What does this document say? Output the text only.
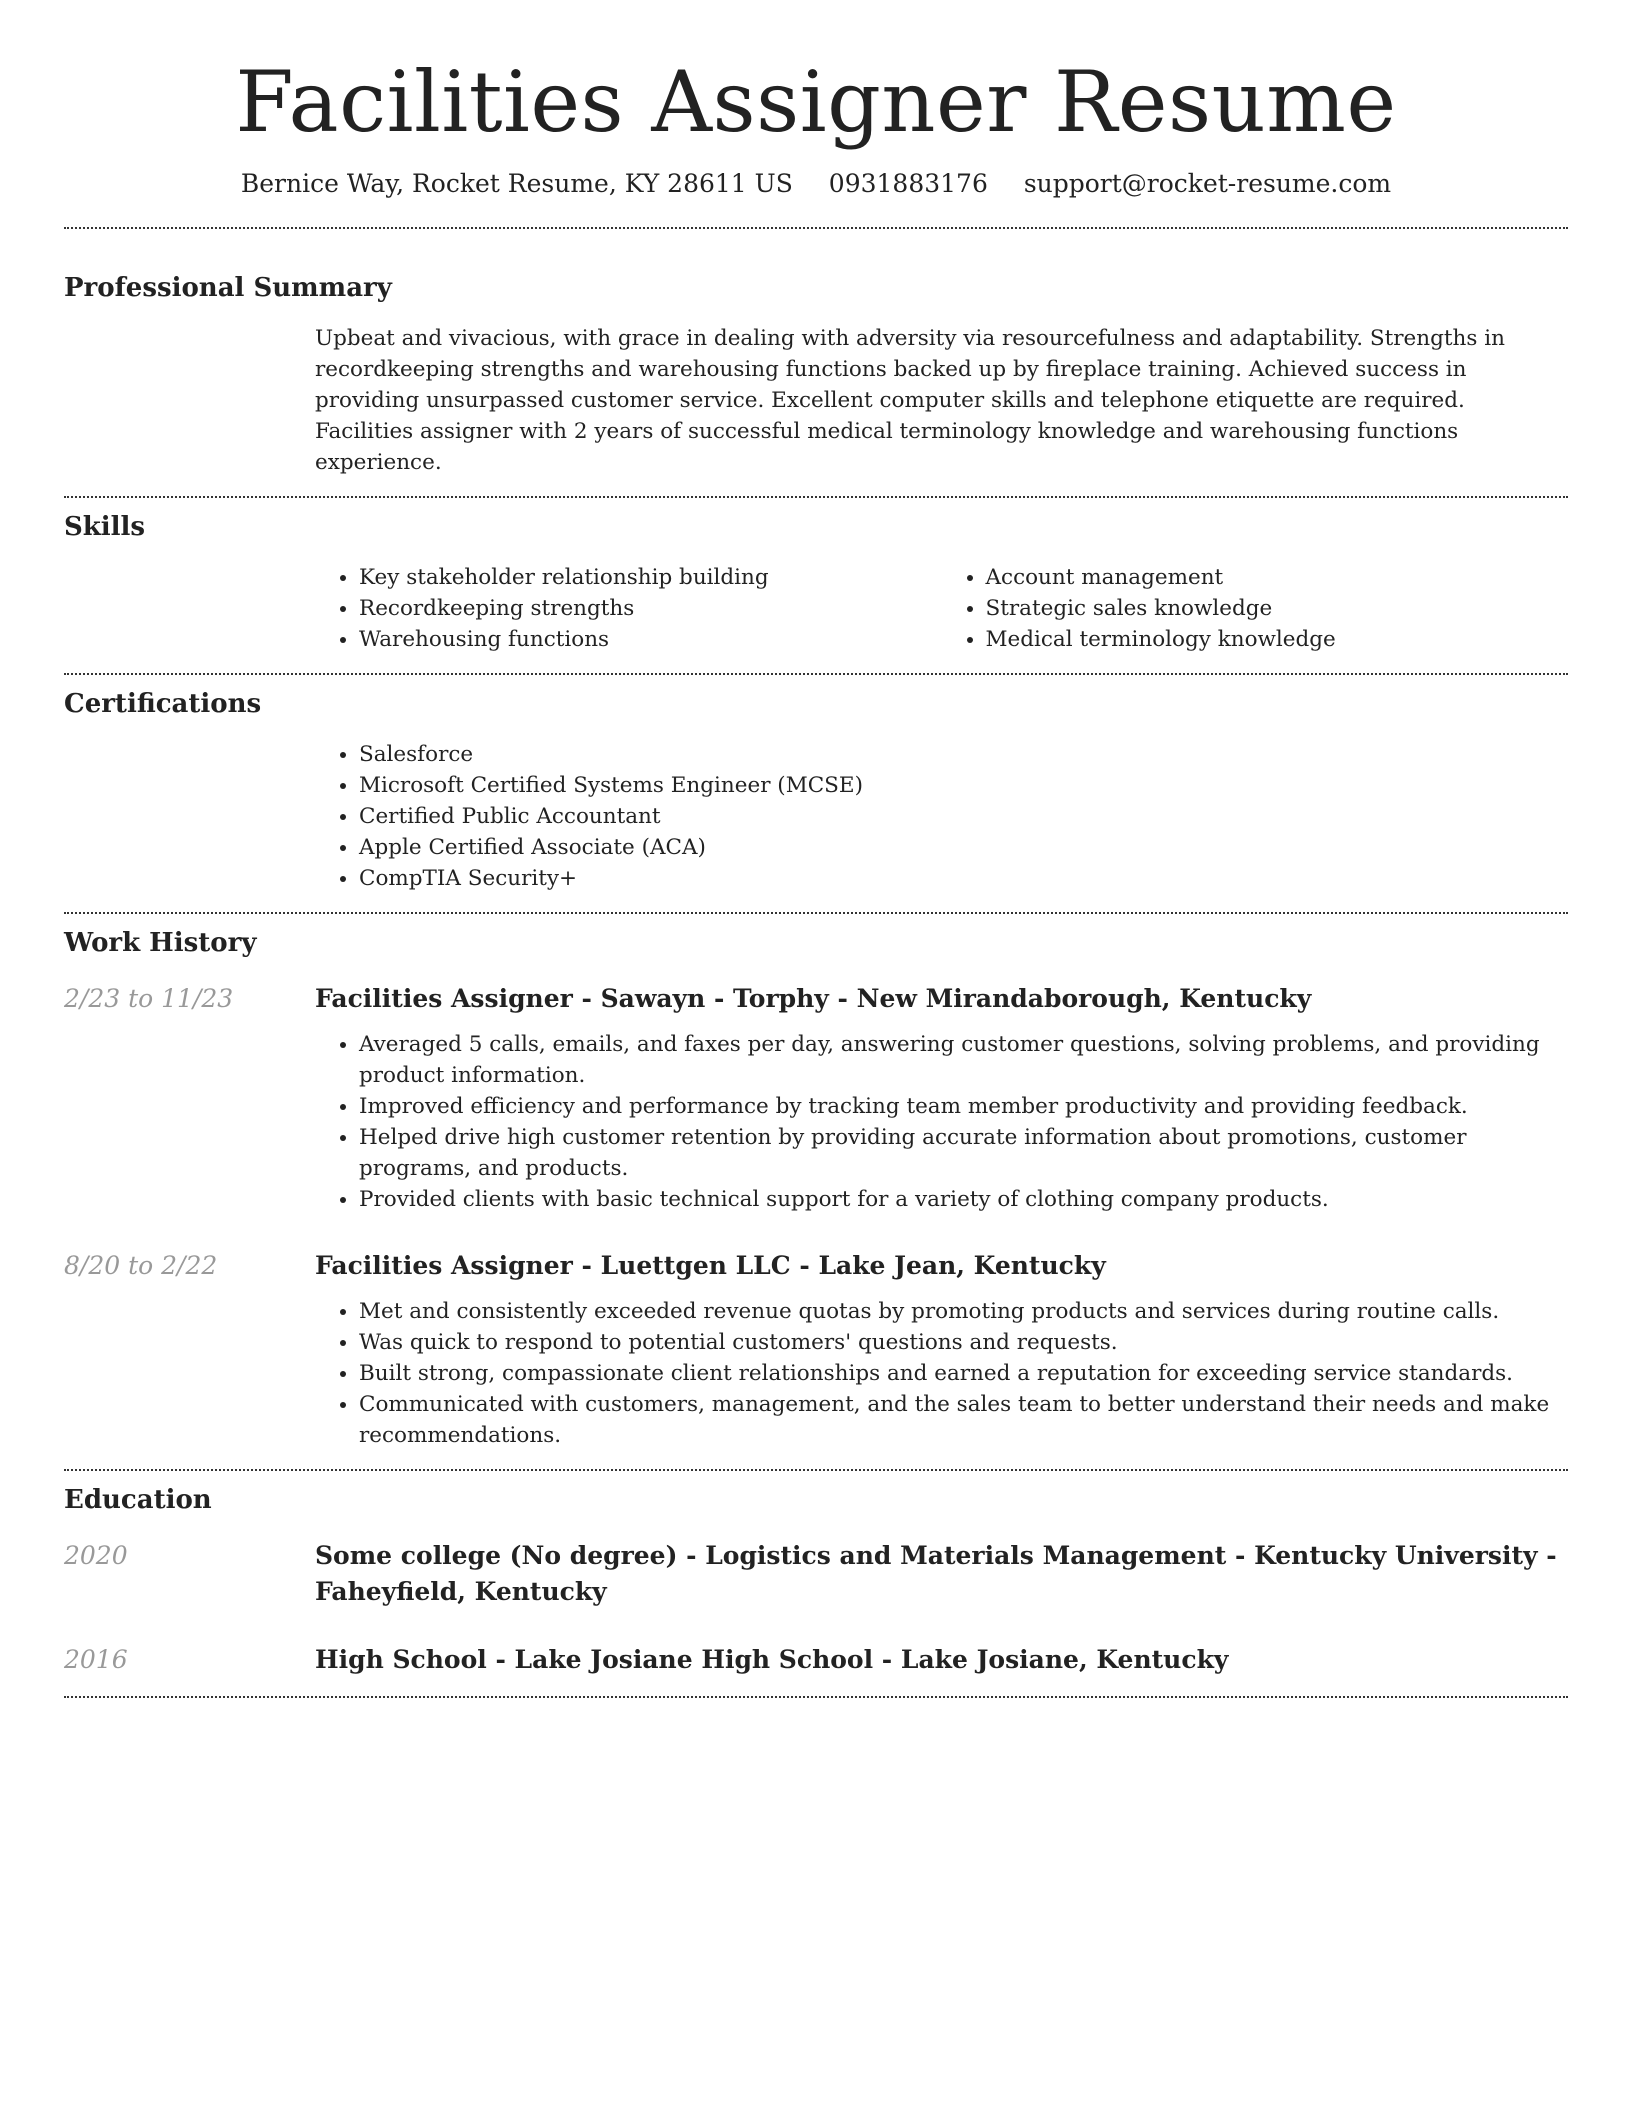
Facilities Assigner Resume
Bernice Way, Rocket Resume, KY 28611 US 0931883176 support@rocket-resume.com
Professional Summary

Upbeat and vivacious, with grace in dealing with adversity via resourcefulness and adaptability. Strengths in recordkeeping strengths and warehousing functions backed up by fireplace training. Achieved success in providing unsurpassed customer service. Excellent computer skills and telephone etiquette are required. Facilities assigner with 2 years of successful medical terminology knowledge and warehousing functions experience.

Skills
• Key stakeholder relationship building
• Recordkeeping strengths
• Warehousing functions
• Account management
• Strategic sales knowledge
• Medical terminology knowledge
Certifications
• Salesforce
• Microsoft Certified Systems Engineer (MCSE)
• Certified Public Accountant
• Apple Certified Associate (ACA)
• CompTIA Security+
Work History
2/23 to 11/23	Facilities Assigner - Sawayn - Torphy - New Mirandaborough, Kentucky
• Averaged 5 calls, emails, and faxes per day, answering customer questions, solving problems, and providing product information.
• Improved efficiency and performance by tracking team member productivity and providing feedback.
• Helped drive high customer retention by providing accurate information about promotions, customer programs, and products.
• Provided clients with basic technical support for a variety of clothing company products.
8/20 to 2/22	Facilities Assigner - Luettgen LLC - Lake Jean, Kentucky
• Met and consistently exceeded revenue quotas by promoting products and services during routine calls.
• Was quick to respond to potential customers' questions and requests.
• Built strong, compassionate client relationships and earned a reputation for exceeding service standards.
• Communicated with customers, management, and the sales team to better understand their needs and make recommendations.
Education
2020	Some college (No degree) - Logistics and Materials Management - Kentucky University - Faheyfield, Kentucky
2016	High School - Lake Josiane High School - Lake Josiane, Kentucky
